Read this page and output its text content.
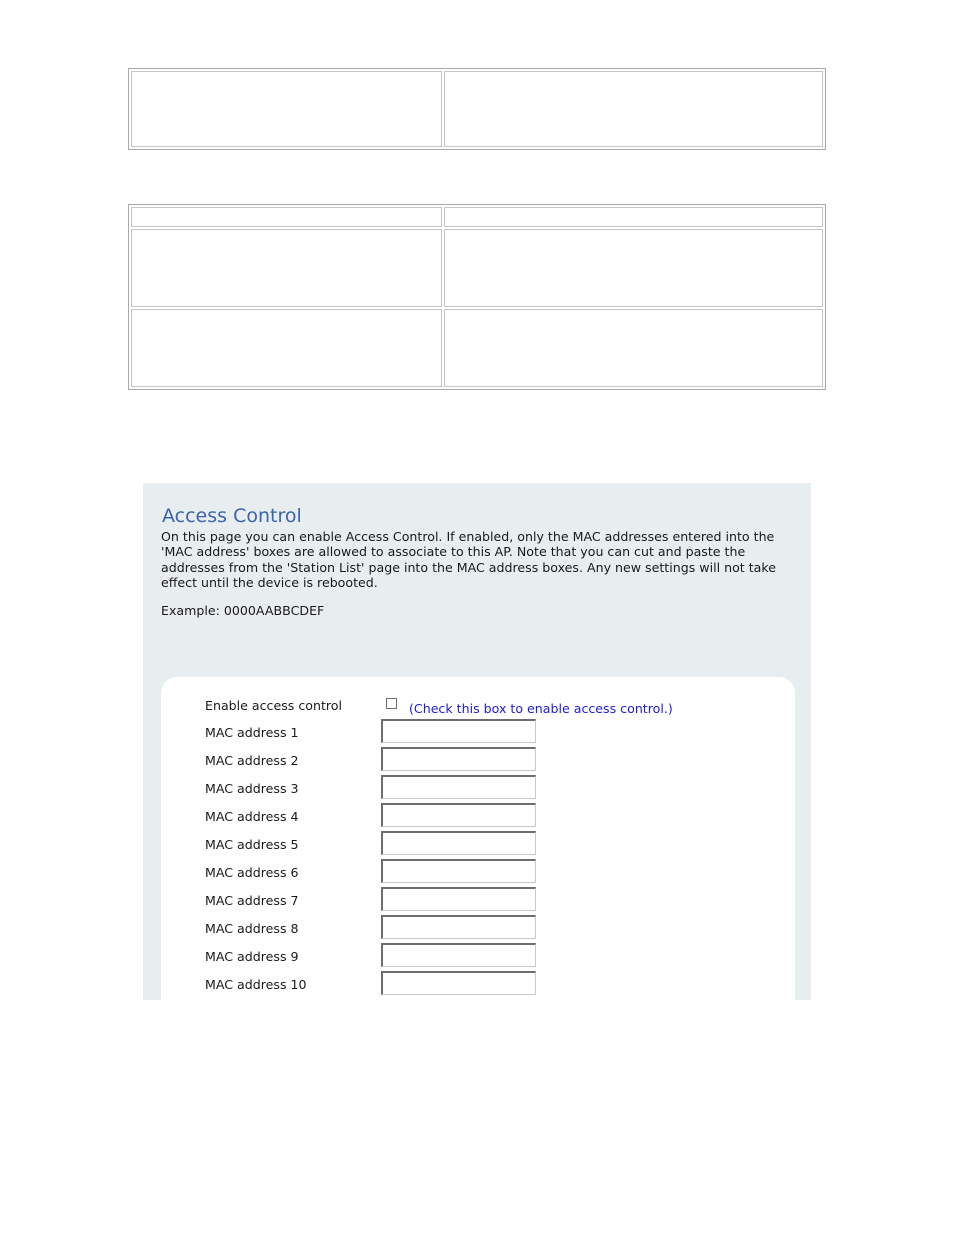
Access Control

On this page you can enable Access Control. If enabled, only the MAC addresses entered into the 'MAC address' boxes are allowed to associate to this AP. Note that you can cut and paste the addresses from the 'Station List' page into the MAC address boxes. Any new settings will not take effect until the device is rebooted.

Example: 0000AABBCDEF

Enable access control	(Check this box to enable access control.)
MAC address 1
MAC address 2
MAC address 3
MAC address 4
MAC address 5
MAC address 6
MAC address 7
MAC address 8
MAC address 9
MAC address 10
